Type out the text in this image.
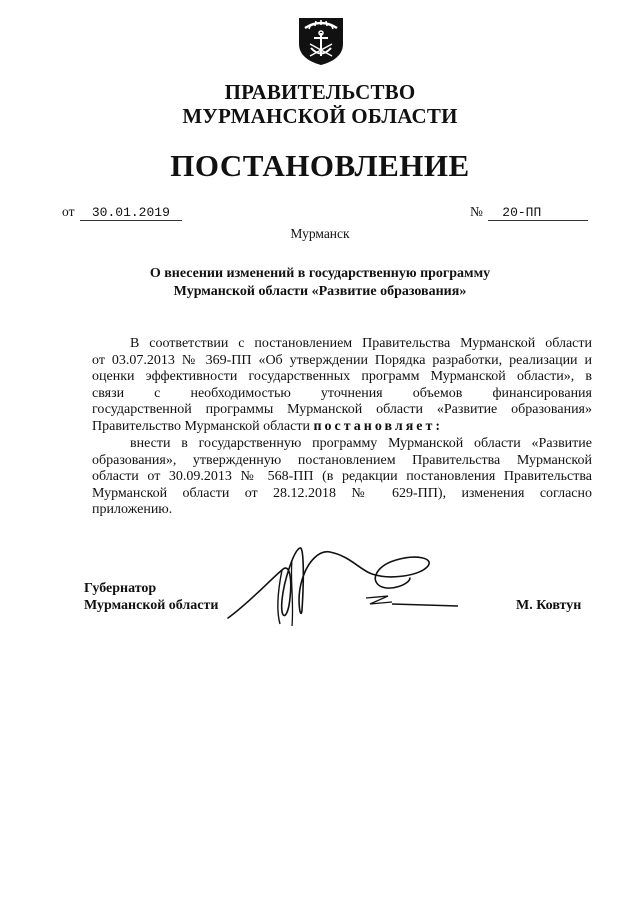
ПРАВИТЕЛЬСТВО
МУРМАНСКОЙ ОБЛАСТИ
ПОСТАНОВЛЕНИЕ
от 30.01.2019	№ 20-ПП
Мурманск
О внесении изменений в государственную программу
Мурманской области «Развитие образования»
В соответствии с постановлением Правительства Мурманской области
от 03.07.2013 № 369-ПП «Об утверждении Порядка разработки, реализации и
оценки эффективности государственных программ Мурманской области», в
связи с необходимостью уточнения объемов финансирования
государственной программы Мурманской области «Развитие образования»
Правительство Мурманской области постановляет:
внести в государственную программу Мурманской области «Развитие
образования», утвержденную постановлением Правительства Мурманской
области от 30.09.2013 № 568-ПП (в редакции постановления Правительства
Мурманской области от 28.12.2018 № 629-ПП), изменения согласно
приложению.
Губернатор
Мурманской области	М. Ковтун
